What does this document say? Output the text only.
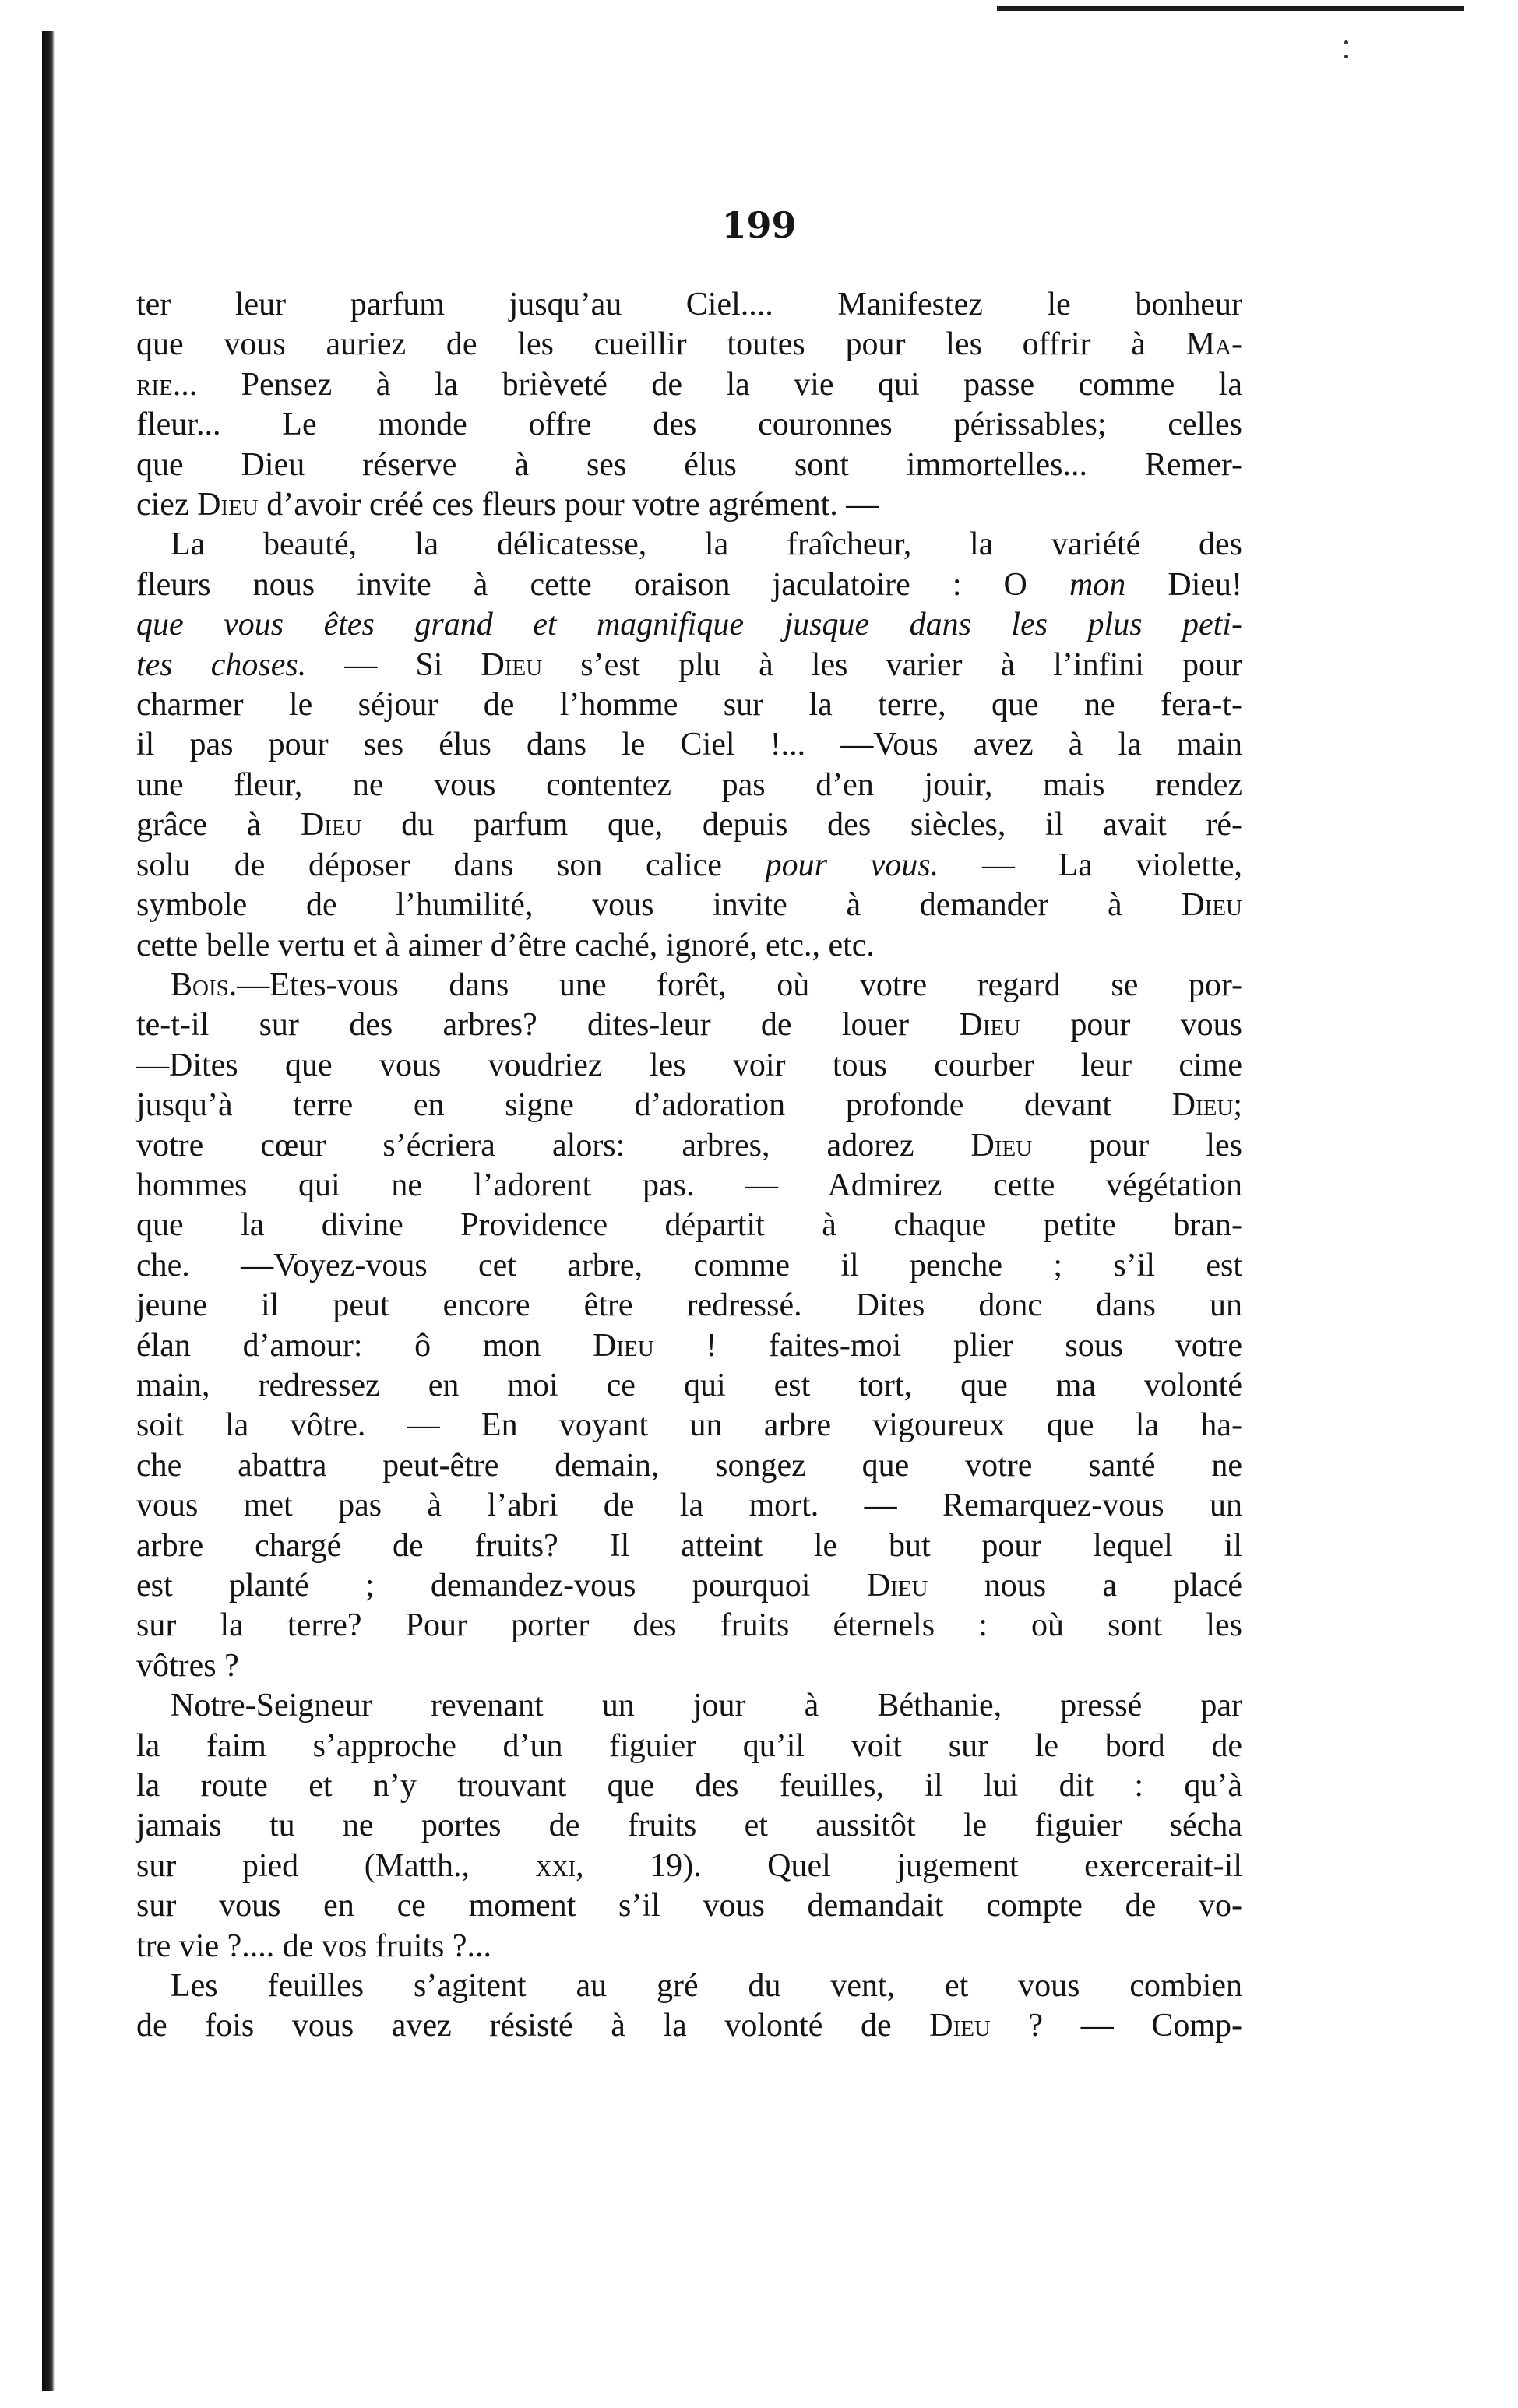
199
ter leur parfum jusqu’au Ciel.... Manifestez le bonheur
que vous auriez de les cueillir toutes pour les offrir à Ma-
rie... Pensez à la brièveté de la vie qui passe comme la
fleur... Le monde offre des couronnes périssables; celles
que Dieu réserve à ses élus sont immortelles... Remer-
ciez Dieu d’avoir créé ces fleurs pour votre agrément. —
La beauté, la délicatesse, la fraîcheur, la variété des
fleurs nous invite à cette oraison jaculatoire : O mon Dieu!
que vous êtes grand et magnifique jusque dans les plus peti-
tes choses. — Si Dieu s’est plu à les varier à l’infini pour
charmer le séjour de l’homme sur la terre, que ne fera-t-
il pas pour ses élus dans le Ciel !... —Vous avez à la main
une fleur, ne vous contentez pas d’en jouir, mais rendez
grâce à Dieu du parfum que, depuis des siècles, il avait ré-
solu de déposer dans son calice pour vous. — La violette,
symbole de l’humilité, vous invite à demander à Dieu
cette belle vertu et à aimer d’être caché, ignoré, etc., etc.
Bois.—Etes-vous dans une forêt, où votre regard se por-
te-t-il sur des arbres? dites-leur de louer Dieu pour vous
—Dites que vous voudriez les voir tous courber leur cime
jusqu’à terre en signe d’adoration profonde devant Dieu;
votre cœur s’écriera alors: arbres, adorez Dieu pour les
hommes qui ne l’adorent pas. — Admirez cette végétation
que la divine Providence départit à chaque petite bran-
che. —Voyez-vous cet arbre, comme il penche ; s’il est
jeune il peut encore être redressé. Dites donc dans un
élan d’amour: ô mon Dieu ! faites-moi plier sous votre
main, redressez en moi ce qui est tort, que ma volonté
soit la vôtre. — En voyant un arbre vigoureux que la ha-
che abattra peut-être demain, songez que votre santé ne
vous met pas à l’abri de la mort. — Remarquez-vous un
arbre chargé de fruits? Il atteint le but pour lequel il
est planté ; demandez-vous pourquoi Dieu nous a placé
sur la terre? Pour porter des fruits éternels : où sont les
vôtres ?
Notre-Seigneur revenant un jour à Béthanie, pressé par
la faim s’approche d’un figuier qu’il voit sur le bord de
la route et n’y trouvant que des feuilles, il lui dit : qu’à
jamais tu ne portes de fruits et aussitôt le figuier sécha
sur pied (Matth., xxi, 19). Quel jugement exercerait-il
sur vous en ce moment s’il vous demandait compte de vo-
tre vie ?.... de vos fruits ?...
Les feuilles s’agitent au gré du vent, et vous combien
de fois vous avez résisté à la volonté de Dieu ? — Comp-
